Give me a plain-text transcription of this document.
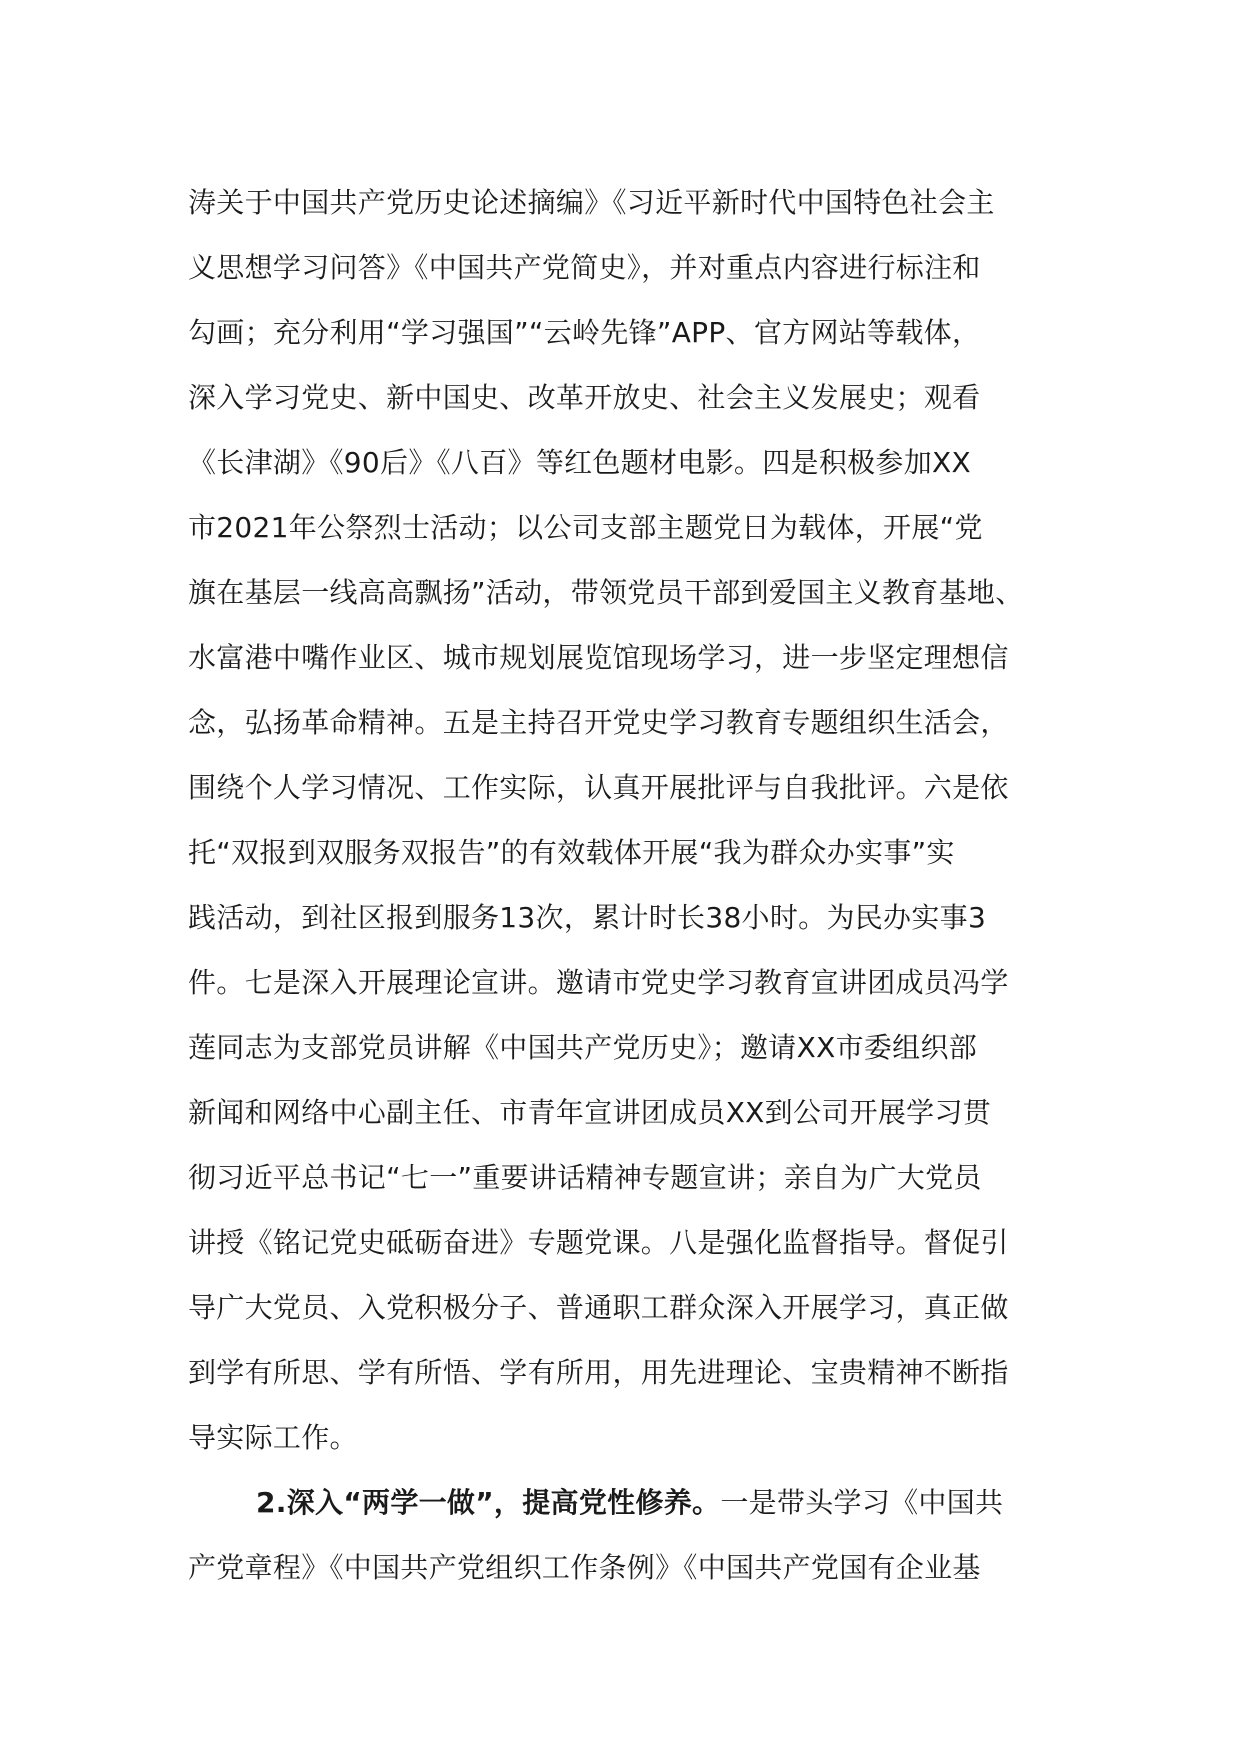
涛关于中国共产党历史论述摘编》《习近平新时代中国特色社会主
义思想学习问答》《中国共产党简史》，并对重点内容进行标注和
勾画；充分利用“学习强国”“云岭先锋”APP、官方网站等载体，
深入学习党史、新中国史、改革开放史、社会主义发展史；观看
《长津湖》《90后》《八百》等红色题材电影。四是积极参加XX
市2021年公祭烈士活动；以公司支部主题党日为载体，开展“党
旗在基层一线高高飘扬”活动，带领党员干部到爱国主义教育基地、
水富港中嘴作业区、城市规划展览馆现场学习，进一步坚定理想信
念，弘扬革命精神。五是主持召开党史学习教育专题组织生活会，
围绕个人学习情况、工作实际，认真开展批评与自我批评。六是依
托“双报到双服务双报告”的有效载体开展“我为群众办实事”实
践活动，到社区报到服务13次，累计时长38小时。为民办实事3
件。七是深入开展理论宣讲。邀请市党史学习教育宣讲团成员冯学
莲同志为支部党员讲解《中国共产党历史》；邀请XX市委组织部
新闻和网络中心副主任、市青年宣讲团成员XX到公司开展学习贯
彻习近平总书记“七一”重要讲话精神专题宣讲；亲自为广大党员
讲授《铭记党史砥砺奋进》专题党课。八是强化监督指导。督促引
导广大党员、入党积极分子、普通职工群众深入开展学习，真正做
到学有所思、学有所悟、学有所用，用先进理论、宝贵精神不断指
导实际工作。
2.深入“两学一做”，提高党性修养。一是带头学习《中国共
产党章程》《中国共产党组织工作条例》《中国共产党国有企业基
